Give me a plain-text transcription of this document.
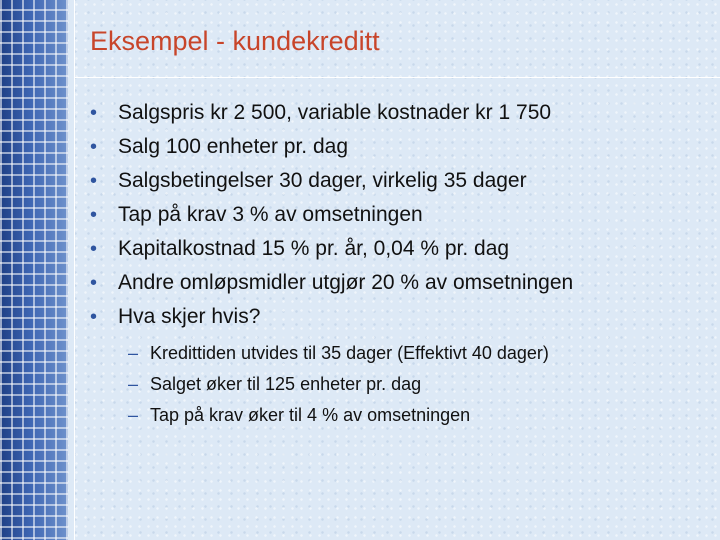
Eksempel - kundekreditt
• Salgspris kr 2 500, variable kostnader kr 1 750
• Salg 100 enheter pr. dag
• Salgsbetingelser 30 dager, virkelig 35 dager
• Tap på krav 3 % av omsetningen
• Kapitalkostnad 15 % pr. år, 0,04 % pr. dag
• Andre omløpsmidler utgjør 20 % av omsetningen
• Hva skjer hvis?
– Kredittiden utvides til 35 dager (Effektivt 40 dager)
– Salget øker til 125 enheter pr. dag
– Tap på krav øker til 4 % av omsetningen
